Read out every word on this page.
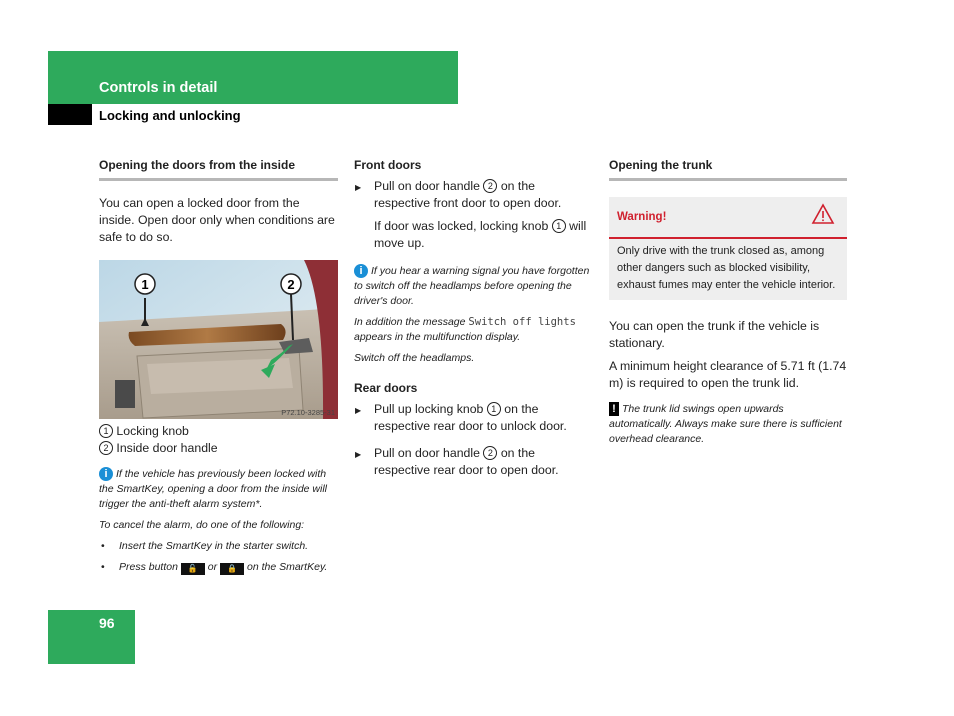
Controls in detail
Locking and unlocking
Opening the doors from the inside

You can open a locked door from the inside. Open door only when conditions are safe to do so.

1	2
P72.10-3285-31
1 Locking knob
2 Inside door handle
i If the vehicle has previously been locked with the SmartKey, opening a door from the inside will trigger the anti-theft alarm system*.
To cancel the alarm, do one of the following:
• Insert the SmartKey in the starter switch.
• Press button 🔓 or 🔒 on the SmartKey.
Front doors
▶ Pull on door handle 2 on the respective front door to open door.
If door was locked, locking knob 1 will move up.
i If you hear a warning signal you have forgotten to switch off the headlamps before opening the driver's door.
In addition the message Switch off lights appears in the multifunction display.
Switch off the headlamps.
Rear doors
▶ Pull up locking knob 1 on the respective rear door to unlock door.
▶ Pull on door handle 2 on the respective rear door to open door.
Opening the trunk
Warning!
Only drive with the trunk closed as, among other dangers such as blocked visibility, exhaust fumes may enter the vehicle interior.

You can open the trunk if the vehicle is stationary.

A minimum height clearance of 5.71 ft (1.74 m) is required to open the trunk lid.

! The trunk lid swings open upwards automatically. Always make sure there is sufficient overhead clearance.
96
